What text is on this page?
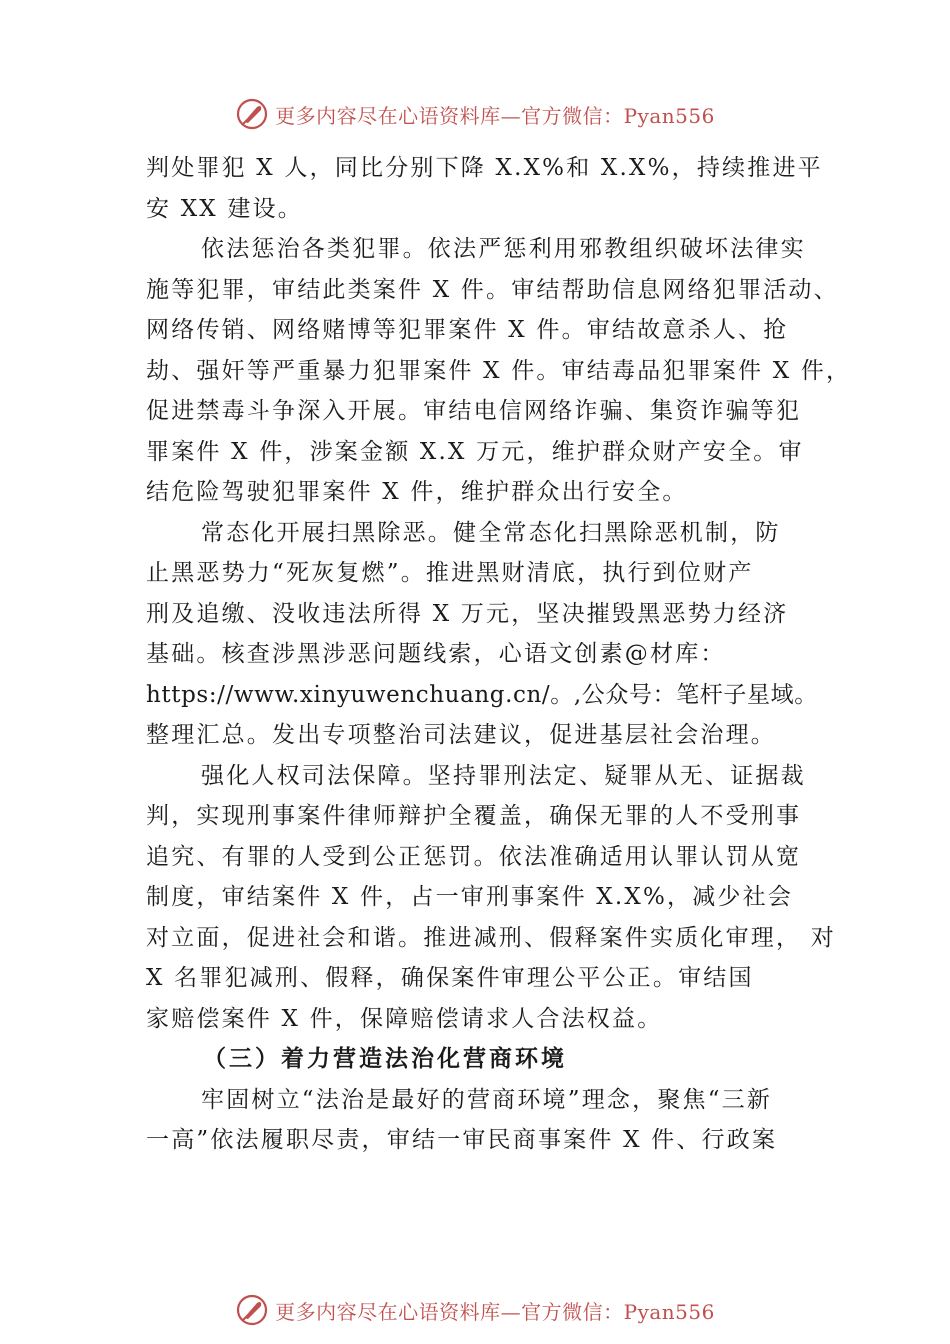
更多内容尽在心语资料库—官方微信：Pyan556
判处罪犯 X 人，同比分别下降 X.X%和 X.X%，持续推进平
安 XX 建设。
依法惩治各类犯罪。依法严惩利用邪教组织破坏法律实
施等犯罪，审结此类案件 X 件。审结帮助信息网络犯罪活动、
网络传销、网络赌博等犯罪案件 X 件。审结故意杀人、抢
劫、强奸等严重暴力犯罪案件 X 件。审结毒品犯罪案件 X 件，
促进禁毒斗争深入开展。审结电信网络诈骗、集资诈骗等犯
罪案件 X 件，涉案金额 X.X 万元，维护群众财产安全。审
结危险驾驶犯罪案件 X 件，维护群众出行安全。
常态化开展扫黑除恶。健全常态化扫黑除恶机制，防
止黑恶势力“死灰复燃”。推进黑财清底，执行到位财产
刑及追缴、没收违法所得 X 万元，坚决摧毁黑恶势力经济
基础。核查涉黑涉恶问题线索，心语文创素@材库：
https://www.xinyuwenchuang.cn/。,公众号：笔杆子星域。
整理汇总。发出专项整治司法建议，促进基层社会治理。
强化人权司法保障。坚持罪刑法定、疑罪从无、证据裁
判，实现刑事案件律师辩护全覆盖，确保无罪的人不受刑事
追究、有罪的人受到公正惩罚。依法准确适用认罪认罚从宽
制度，审结案件 X 件，占一审刑事案件 X.X%，减少社会
对立面，促进社会和谐。推进减刑、假释案件实质化审理， 对
X 名罪犯减刑、假释，确保案件审理公平公正。审结国
家赔偿案件 X 件，保障赔偿请求人合法权益。
（三）着力营造法治化营商环境
牢固树立“法治是最好的营商环境”理念，聚焦“三新
一高”依法履职尽责，审结一审民商事案件 X 件、行政案
更多内容尽在心语资料库—官方微信：Pyan556
